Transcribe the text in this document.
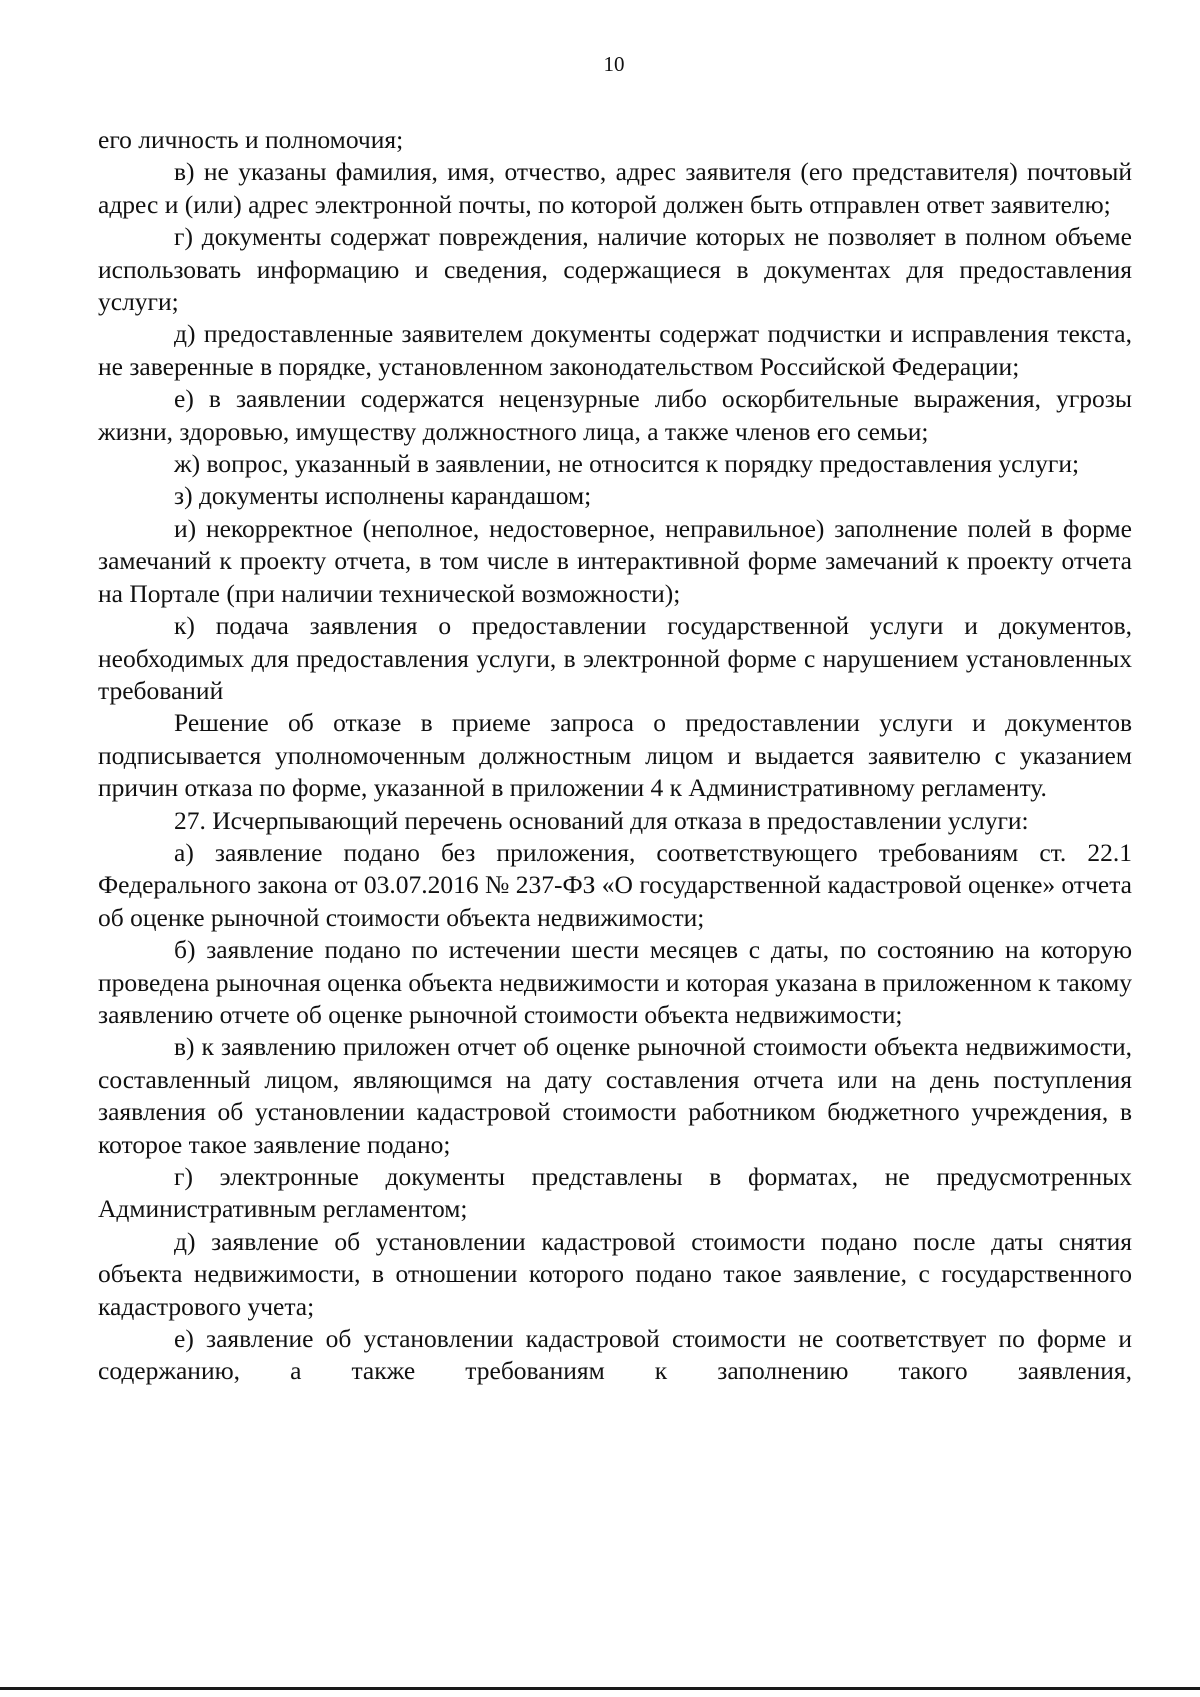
10

его личность и полномочия;

в) не указаны фамилия, имя, отчество, адрес заявителя (его представителя) почтовый адрес и (или) адрес электронной почты, по которой должен быть отправлен ответ заявителю;

г) документы содержат повреждения, наличие которых не позволяет в полном объеме использовать информацию и сведения, содержащиеся в документах для предоставления услуги;

д) предоставленные заявителем документы содержат подчистки и исправления текста, не заверенные в порядке, установленном законодательством Российской Федерации;

е) в заявлении содержатся нецензурные либо оскорбительные выражения, угрозы жизни, здоровью, имуществу должностного лица, а также членов его семьи;

ж) вопрос, указанный в заявлении, не относится к порядку предоставления услуги;

з) документы исполнены карандашом;

и) некорректное (неполное, недостоверное, неправильное) заполнение полей в форме замечаний к проекту отчета, в том числе в интерактивной форме замечаний к проекту отчета на Портале (при наличии технической возможности);

к) подача заявления о предоставлении государственной услуги и документов, необходимых для предоставления услуги, в электронной форме с нарушением установленных требований

Решение об отказе в приеме запроса о предоставлении услуги и документов подписывается уполномоченным должностным лицом и выдается заявителю с указанием причин отказа по форме, указанной в приложении 4 к Административному регламенту.

27. Исчерпывающий перечень оснований для отказа в предоставлении услуги:

а) заявление подано без приложения, соответствующего требованиям ст. 22.1 Федерального закона от 03.07.2016 № 237-ФЗ «О государственной кадастровой оценке» отчета об оценке рыночной стоимости объекта недвижимости;

б) заявление подано по истечении шести месяцев с даты, по состоянию на которую проведена рыночная оценка объекта недвижимости и которая указана в приложенном к такому заявлению отчете об оценке рыночной стоимости объекта недвижимости;

в) к заявлению приложен отчет об оценке рыночной стоимости объекта недвижимости, составленный лицом, являющимся на дату составления отчета или на день поступления заявления об установлении кадастровой стоимости работником бюджетного учреждения, в которое такое заявление подано;

г) электронные документы представлены в форматах, не предусмотренных Административным регламентом;

д) заявление об установлении кадастровой стоимости подано после даты снятия объекта недвижимости, в отношении которого подано такое заявление, с государственного кадастрового учета;

е) заявление об установлении кадастровой стоимости не соответствует по форме и содержанию, а также требованиям к заполнению такого заявления,
